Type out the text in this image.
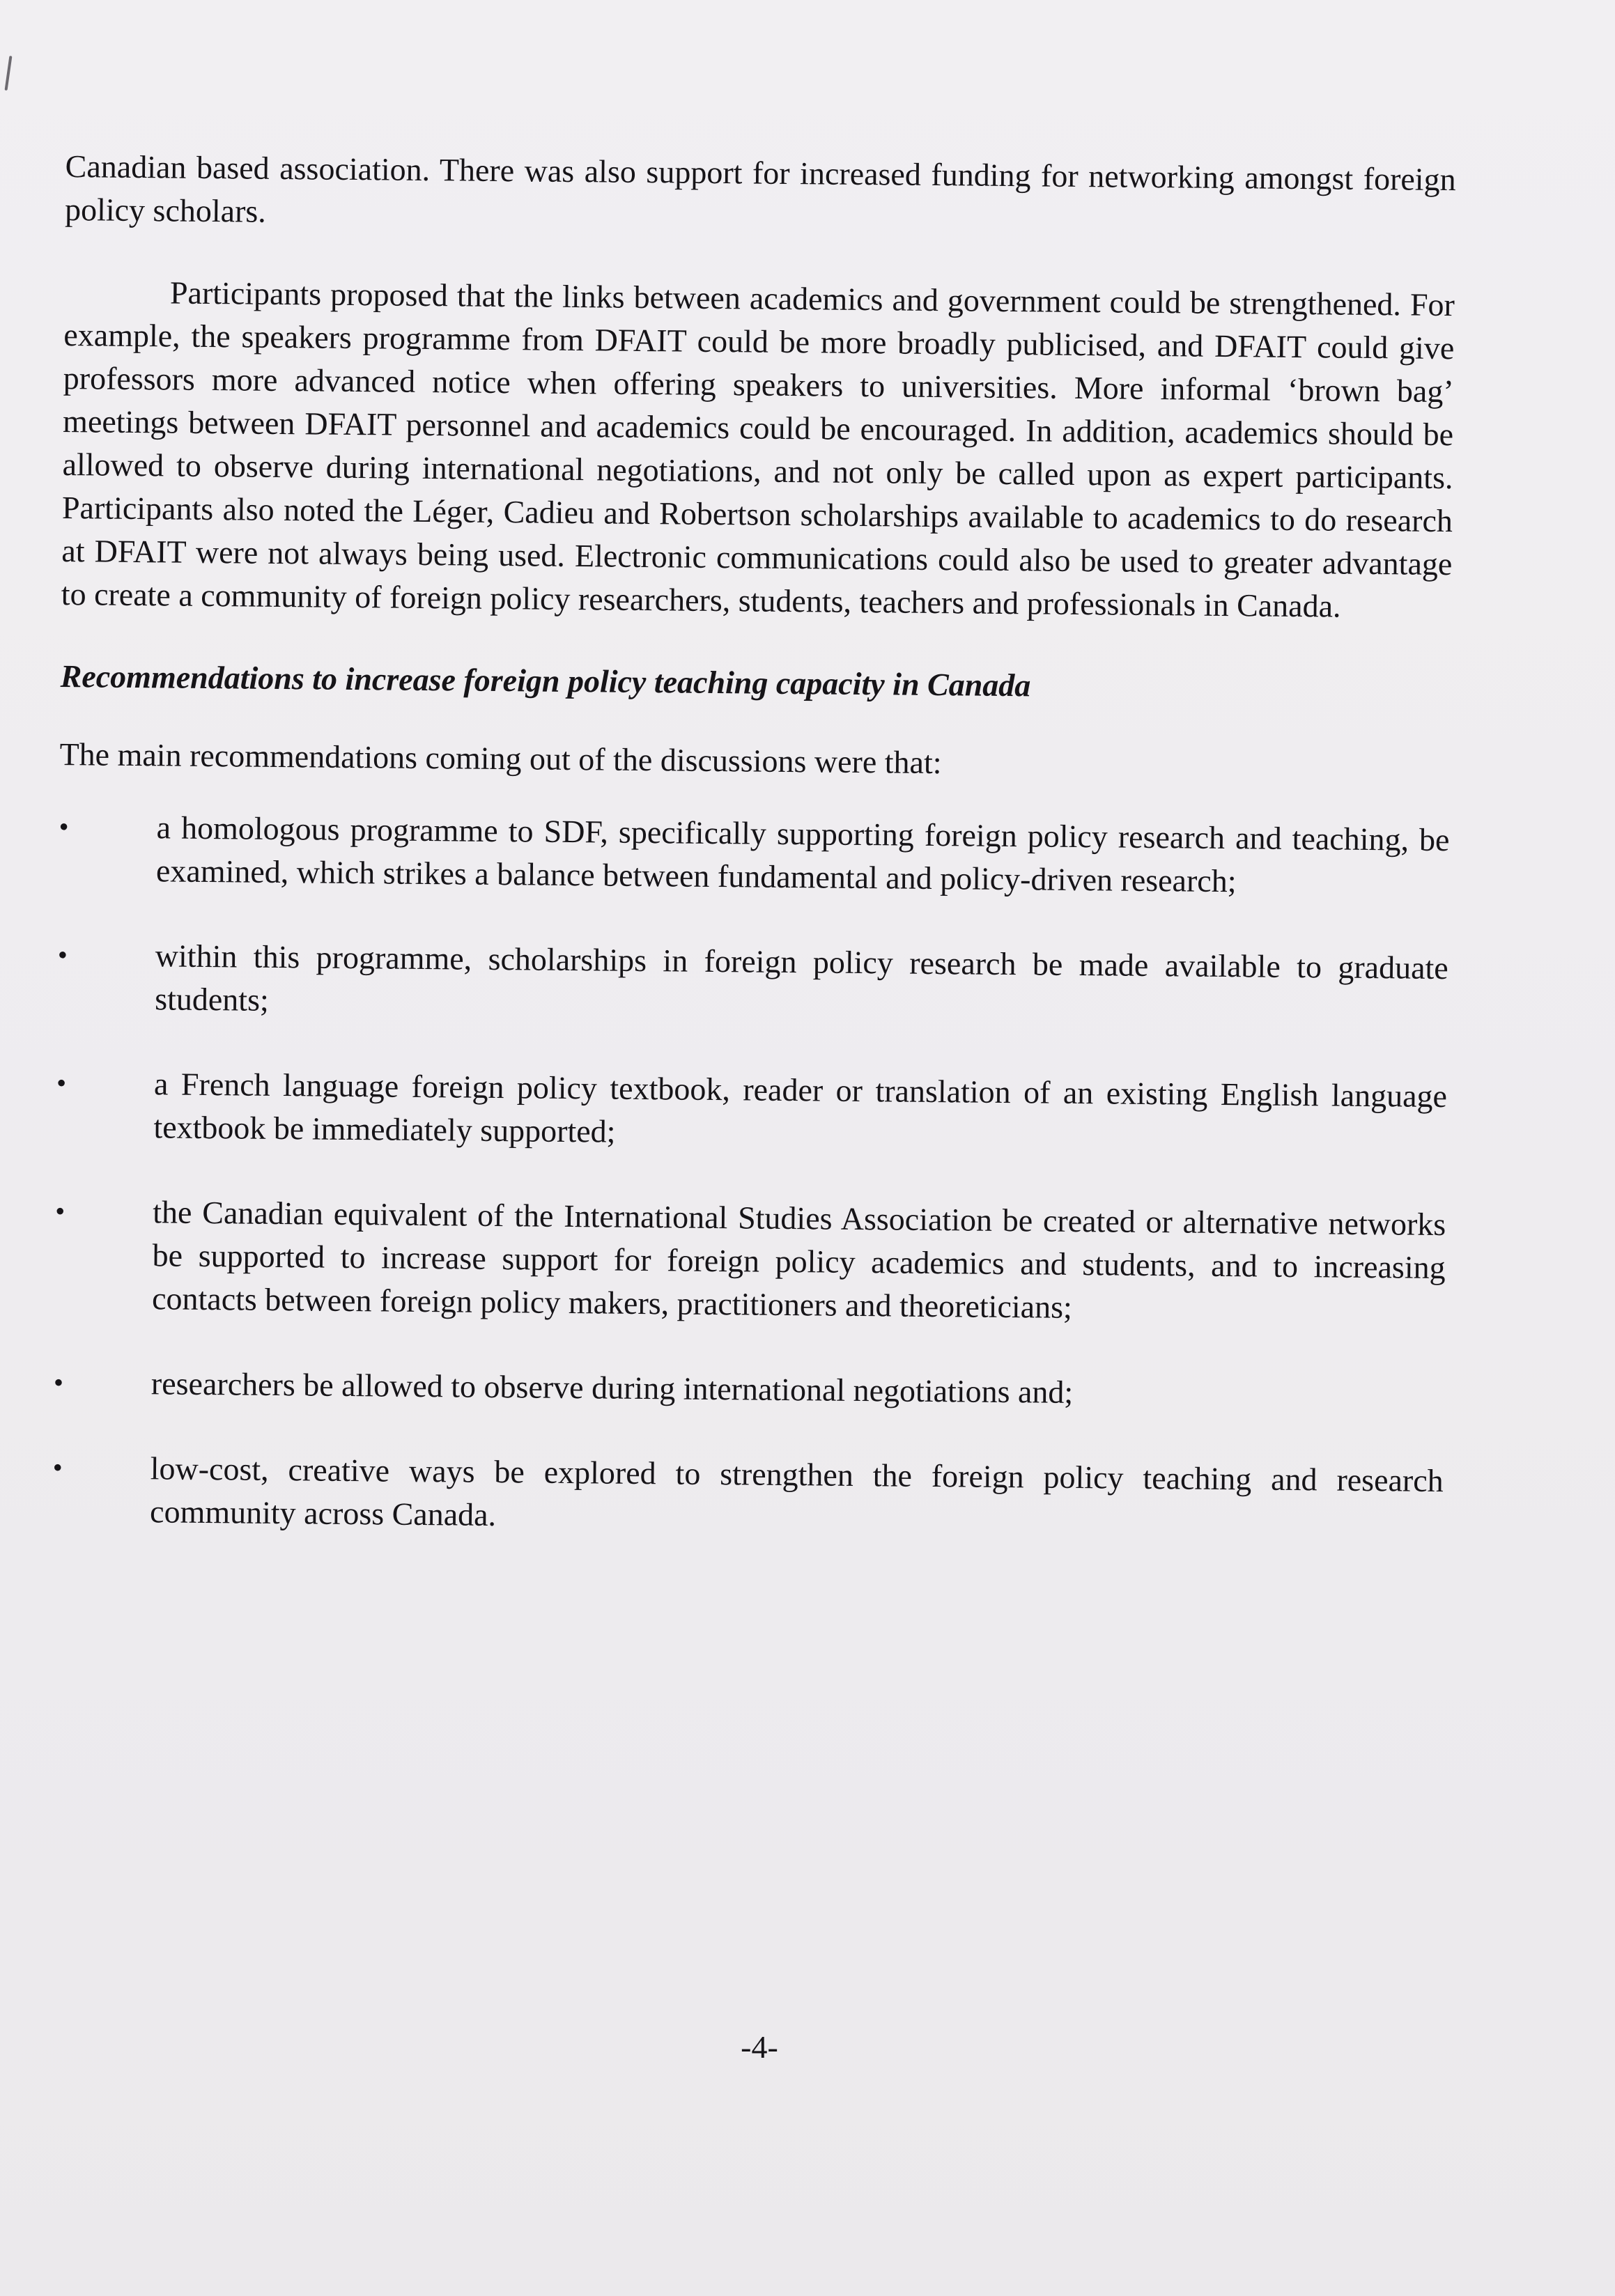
Canadian based association. There was also support for increased funding for networking amongst foreign policy scholars.

Participants proposed that the links between academics and government could be strengthened. For example, the speakers programme from DFAIT could be more broadly publicised, and DFAIT could give professors more advanced notice when offering speakers to universities. More informal ‘brown bag’ meetings between DFAIT personnel and academics could be encouraged. In addition, academics should be allowed to observe during international negotiations, and not only be called upon as expert participants. Participants also noted the Léger, Cadieu and Robertson scholarships available to academics to do research at DFAIT were not always being used. Electronic communications could also be used to greater advantage to create a community of foreign policy researchers, students, teachers and professionals in Canada.

Recommendations to increase foreign policy teaching capacity in Canada

The main recommendations coming out of the discussions were that:

•	a homologous programme to SDF, specifically supporting foreign policy research and teaching, be examined, which strikes a balance between fundamental and policy-driven research;
•	within this programme, scholarships in foreign policy research be made available to graduate students;
•	a French language foreign policy textbook, reader or translation of an existing English language textbook be immediately supported;
•	the Canadian equivalent of the International Studies Association be created or alternative networks be supported to increase support for foreign policy academics and students, and to increasing contacts between foreign policy makers, practitioners and theoreticians;
•	researchers be allowed to observe during international negotiations and;
•	low-cost, creative ways be explored to strengthen the foreign policy teaching and research community across Canada.
-4-
